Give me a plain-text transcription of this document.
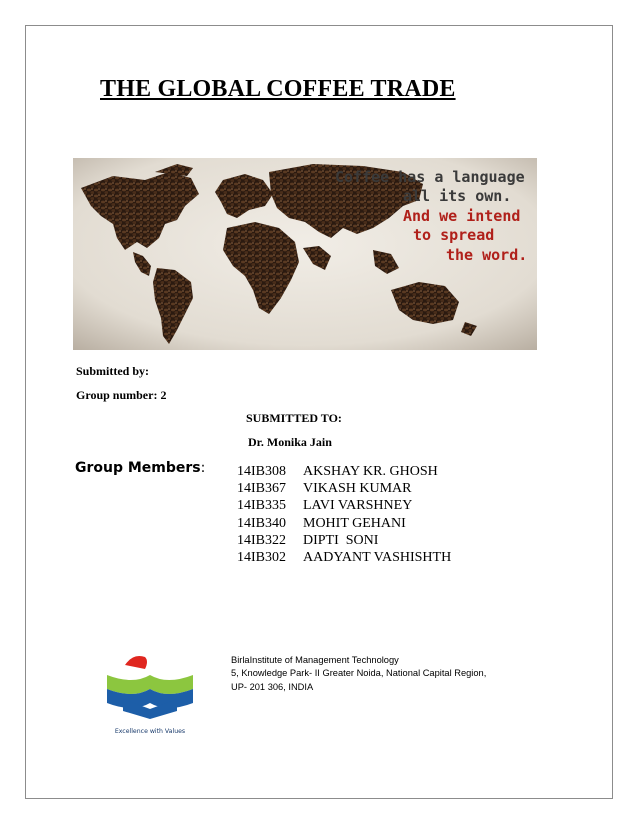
THE GLOBAL COFFEE TRADE
Coffee has a language
all its own.
And we intend
to spread
the word.
Submitted by:
Group number: 2
SUBMITTED TO:
Dr. Monika Jain
Group Members: 14IB308	AKSHAY KR. GHOSH
14IB367	VIKASH KUMAR
14IB335	LAVI VARSHNEY
14IB340	MOHIT GEHANI
14IB322	DIPTI  SONI
14IB302	AADYANT VASHISHTH
Excellence with Values
BirlaInstitute of Management Technology
5, Knowledge Park- II Greater Noida, National Capital Region,
UP- 201 306, INDIA
